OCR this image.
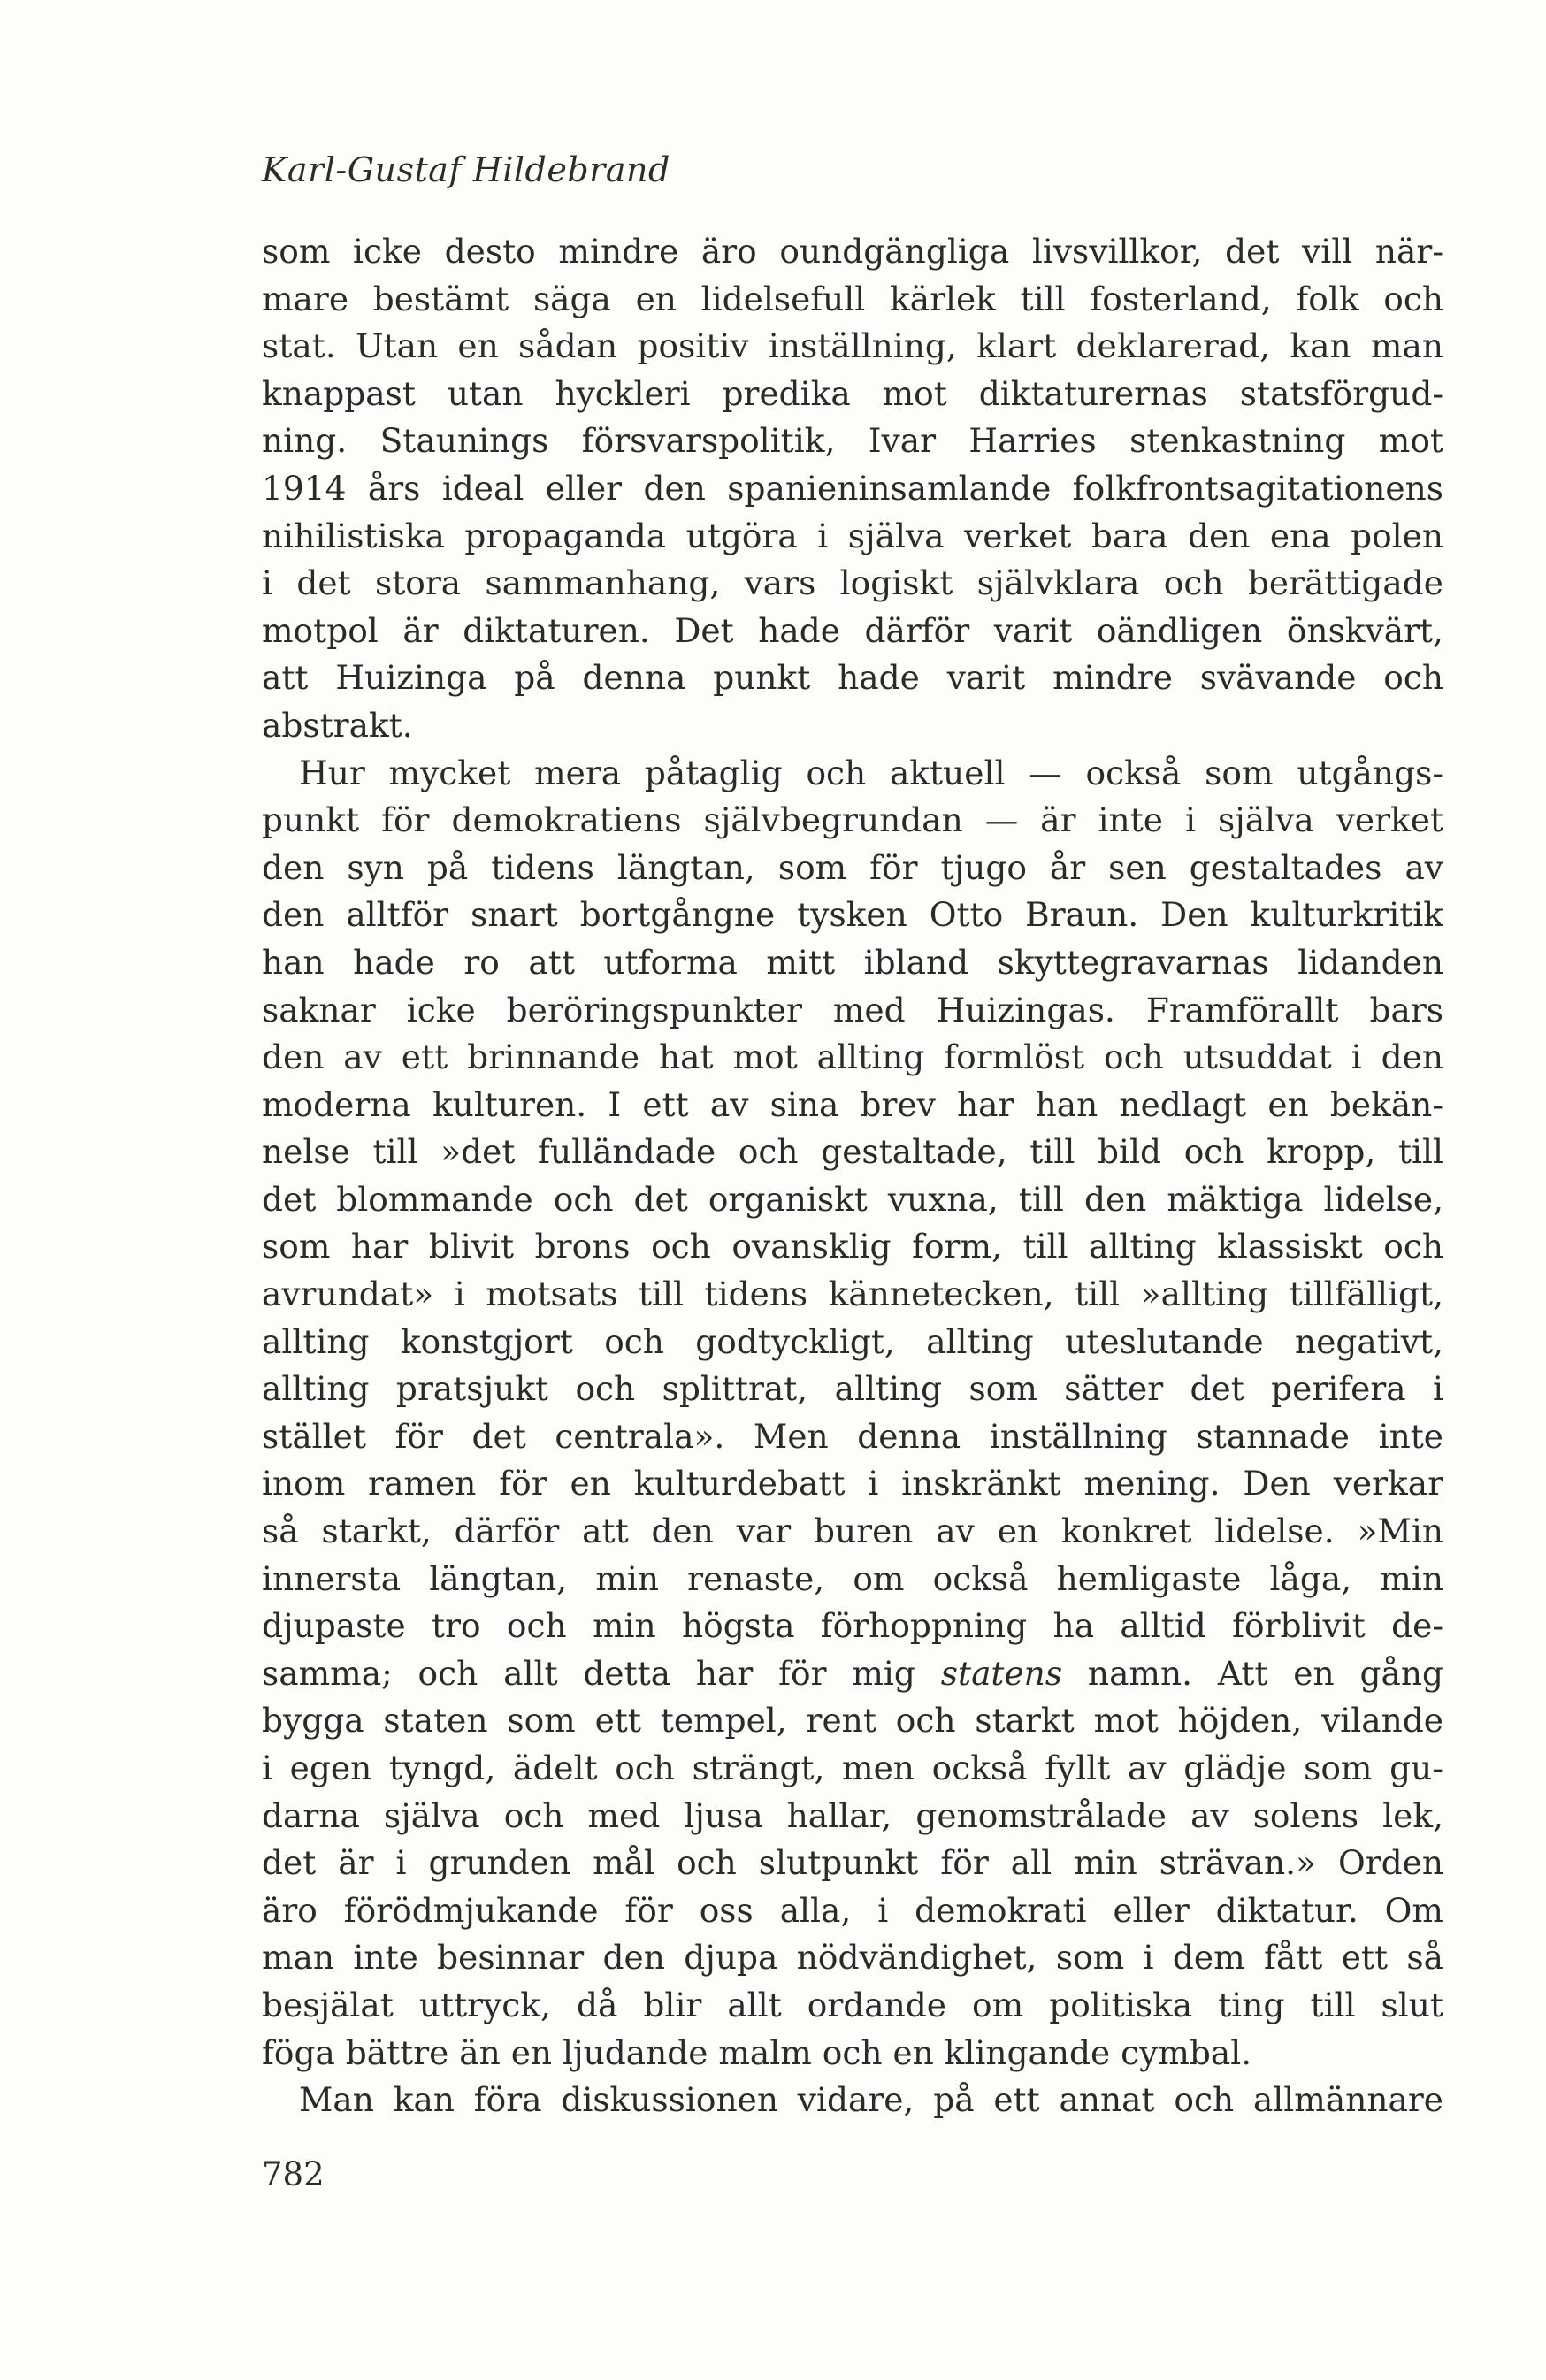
Karl-Gustaf Hildebrand
som icke desto mindre äro oundgängliga livsvillkor, det vill när-
mare bestämt säga en lidelsefull kärlek till fosterland, folk och
stat. Utan en sådan positiv inställning, klart deklarerad, kan man
knappast utan hyckleri predika mot diktaturernas statsförgud-
ning. Staunings försvarspolitik, Ivar Harries stenkastning mot
1914 års ideal eller den spanieninsamlande folkfrontsagitationens
nihilistiska propaganda utgöra i själva verket bara den ena polen
i det stora sammanhang, vars logiskt självklara och berättigade
motpol är diktaturen. Det hade därför varit oändligen önskvärt,
att Huizinga på denna punkt hade varit mindre svävande och
abstrakt.
Hur mycket mera påtaglig och aktuell — också som utgångs-
punkt för demokratiens självbegrundan — är inte i själva verket
den syn på tidens längtan, som för tjugo år sen gestaltades av
den alltför snart bortgångne tysken Otto Braun. Den kulturkritik
han hade ro att utforma mitt ibland skyttegravarnas lidanden
saknar icke beröringspunkter med Huizingas. Framförallt bars
den av ett brinnande hat mot allting formlöst och utsuddat i den
moderna kulturen. I ett av sina brev har han nedlagt en bekän-
nelse till »det fulländade och gestaltade, till bild och kropp, till
det blommande och det organiskt vuxna, till den mäktiga lidelse,
som har blivit brons och ovansklig form, till allting klassiskt och
avrundat» i motsats till tidens kännetecken, till »allting tillfälligt,
allting konstgjort och godtyckligt, allting uteslutande negativt,
allting pratsjukt och splittrat, allting som sätter det perifera i
stället för det centrala». Men denna inställning stannade inte
inom ramen för en kulturdebatt i inskränkt mening. Den verkar
så starkt, därför att den var buren av en konkret lidelse. »Min
innersta längtan, min renaste, om också hemligaste låga, min
djupaste tro och min högsta förhoppning ha alltid förblivit de-
samma; och allt detta har för mig statens namn. Att en gång
bygga staten som ett tempel, rent och starkt mot höjden, vilande
i egen tyngd, ädelt och strängt, men också fyllt av glädje som gu-
darna själva och med ljusa hallar, genomstrålade av solens lek,
det är i grunden mål och slutpunkt för all min strävan.» Orden
äro förödmjukande för oss alla, i demokrati eller diktatur. Om
man inte besinnar den djupa nödvändighet, som i dem fått ett så
besjälat uttryck, då blir allt ordande om politiska ting till slut
föga bättre än en ljudande malm och en klingande cymbal.
Man kan föra diskussionen vidare, på ett annat och allmännare
782
